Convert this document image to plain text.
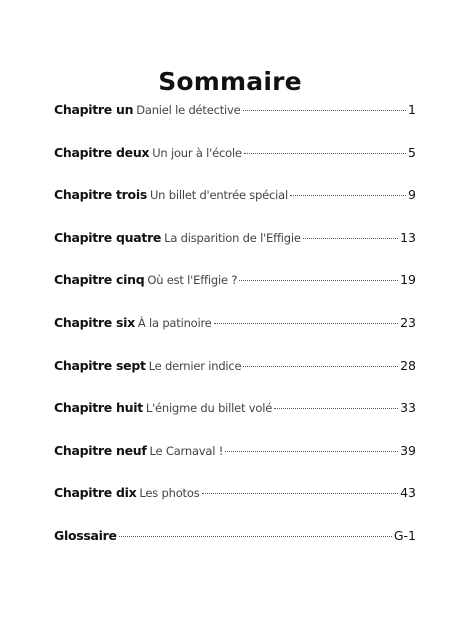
Sommaire
Chapitre un Daniel le détective	1
Chapitre deux Un jour à l'école	5
Chapitre trois Un billet d'entrée spécial	9
Chapitre quatre La disparition de l'Effigie	13
Chapitre cinq Où est l'Effigie ?	19
Chapitre six À la patinoire	23
Chapitre sept Le dernier indice	28
Chapitre huit L'énigme du billet volé	33
Chapitre neuf Le Carnaval !	39
Chapitre dix Les photos	43
Glossaire	G-1
